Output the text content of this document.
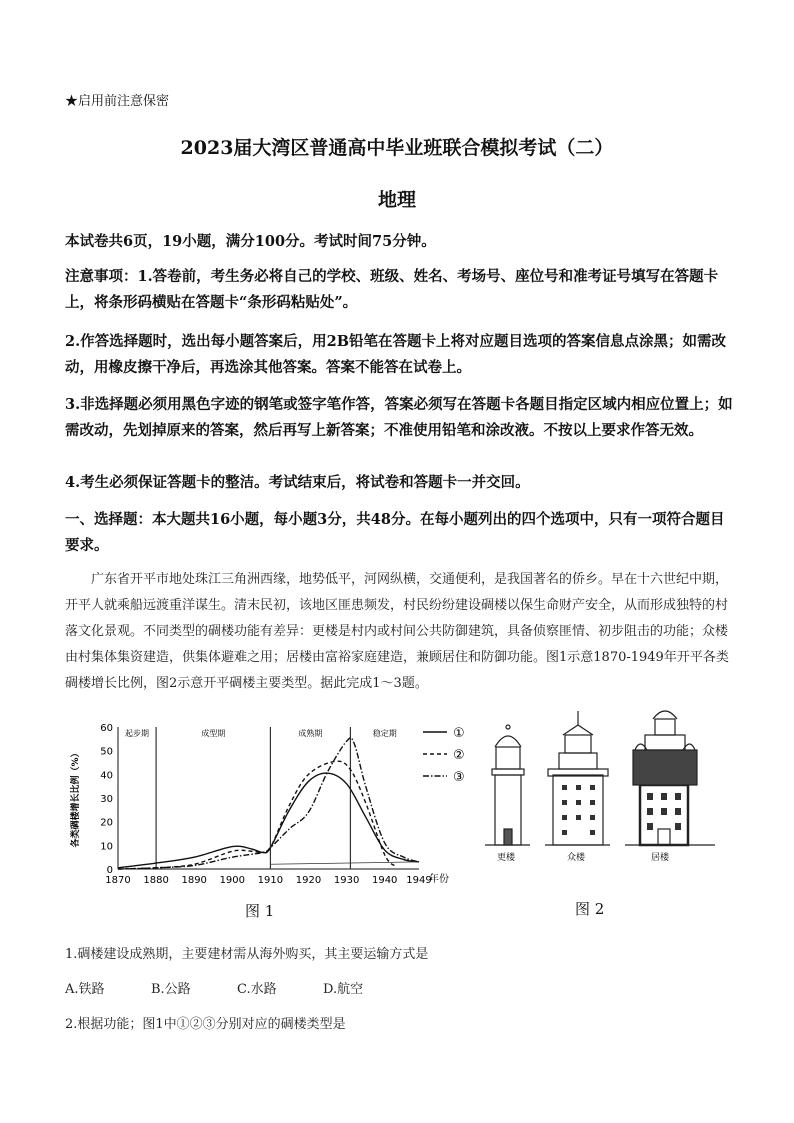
★启用前注意保密
2023届大湾区普通高中毕业班联合模拟考试（二）
地理
本试卷共6页，19小题，满分100分。考试时间75分钟。
注意事项：1.答卷前，考生务必将自己的学校、班级、姓名、考场号、座位号和准考证号填写在答题卡上，将条形码横贴在答题卡“条形码粘贴处”。
2.作答选择题时，选出每小题答案后，用2B铅笔在答题卡上将对应题目选项的答案信息点涂黑；如需改动，用橡皮擦干净后，再选涂其他答案。答案不能答在试卷上。
3.非选择题必须用黑色字迹的钢笔或签字笔作答，答案必须写在答题卡各题目指定区域内相应位置上；如需改动，先划掉原来的答案，然后再写上新答案；不准使用铅笔和涂改液。不按以上要求作答无效。
4.考生必须保证答题卡的整洁。考试结束后，将试卷和答题卡一并交回。
一、选择题：本大题共16小题，每小题3分，共48分。在每小题列出的四个选项中，只有一项符合题目要求。
广东省开平市地处珠江三角洲西缘，地势低平，河网纵横，交通便利，是我国著名的侨乡。早在十六世纪中期，开平人就乘船远渡重洋谋生。清末民初，该地区匪患频发，村民纷纷建设碉楼以保生命财产安全，从而形成独特的村落文化景观。不同类型的碉楼功能有差异：更楼是村内或村间公共防御建筑，具备侦察匪情、初步阻击的功能；众楼由村集体集资建造，供集体避难之用；居楼由富裕家庭建造，兼顾居住和防御功能。图1示意1870-1949年开平各类碉楼增长比例，图2示意开平碉楼主要类型。据此完成1～3题。
0
10
20
30
40
50
60
1870 1880 1890 1900 1910 1920 1930 1940 1949
年份
各类碉楼增长比例（%）
起步期	成型期	成熟期	稳定期	①
②
③
图 1
更楼	众楼	居楼
图 2
1.碉楼建设成熟期，主要建材需从海外购买，其主要运输方式是
A.铁路	B.公路	C.水路	D.航空
2.根据功能；图1中①②③分别对应的碉楼类型是
